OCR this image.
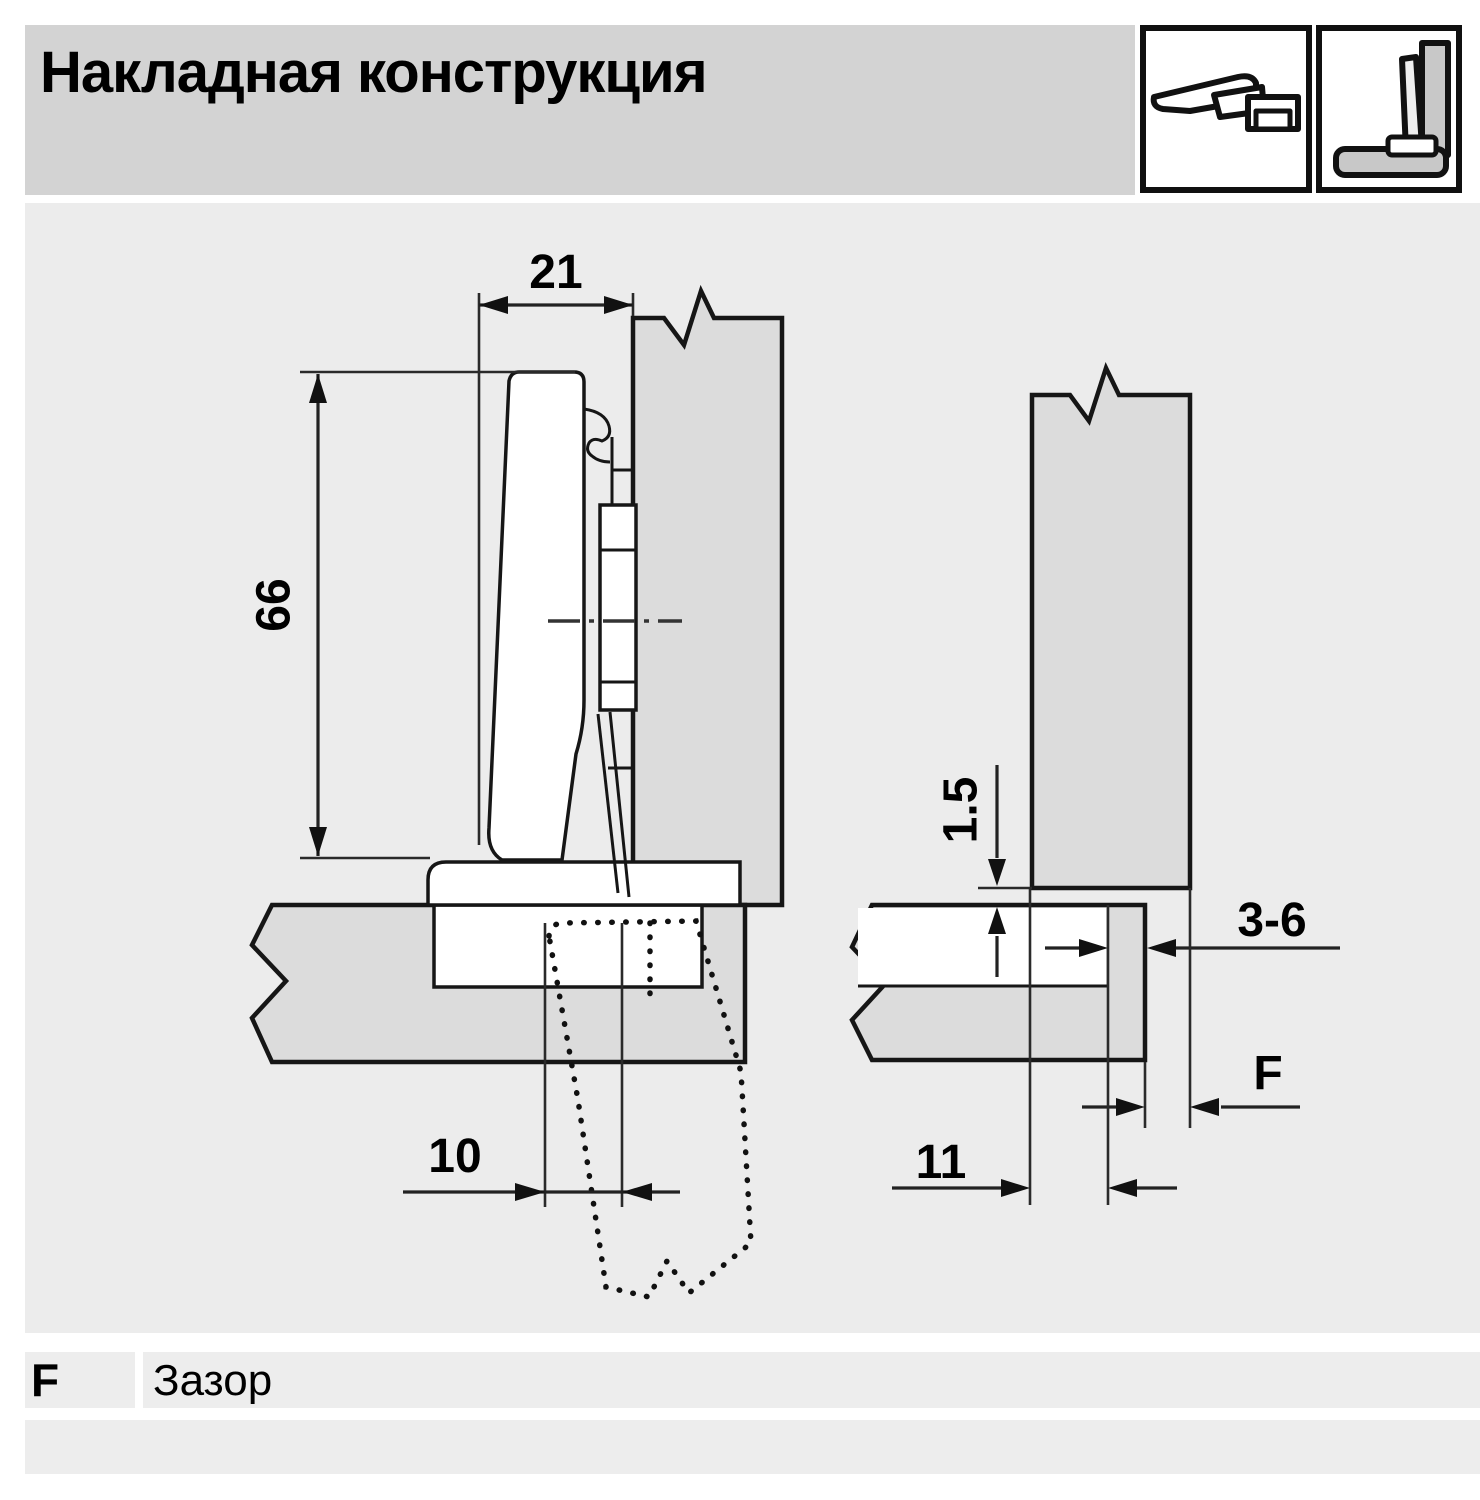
Накладная конструкция
21
66
10
1.5
3-6
F
11
F	Зазор
